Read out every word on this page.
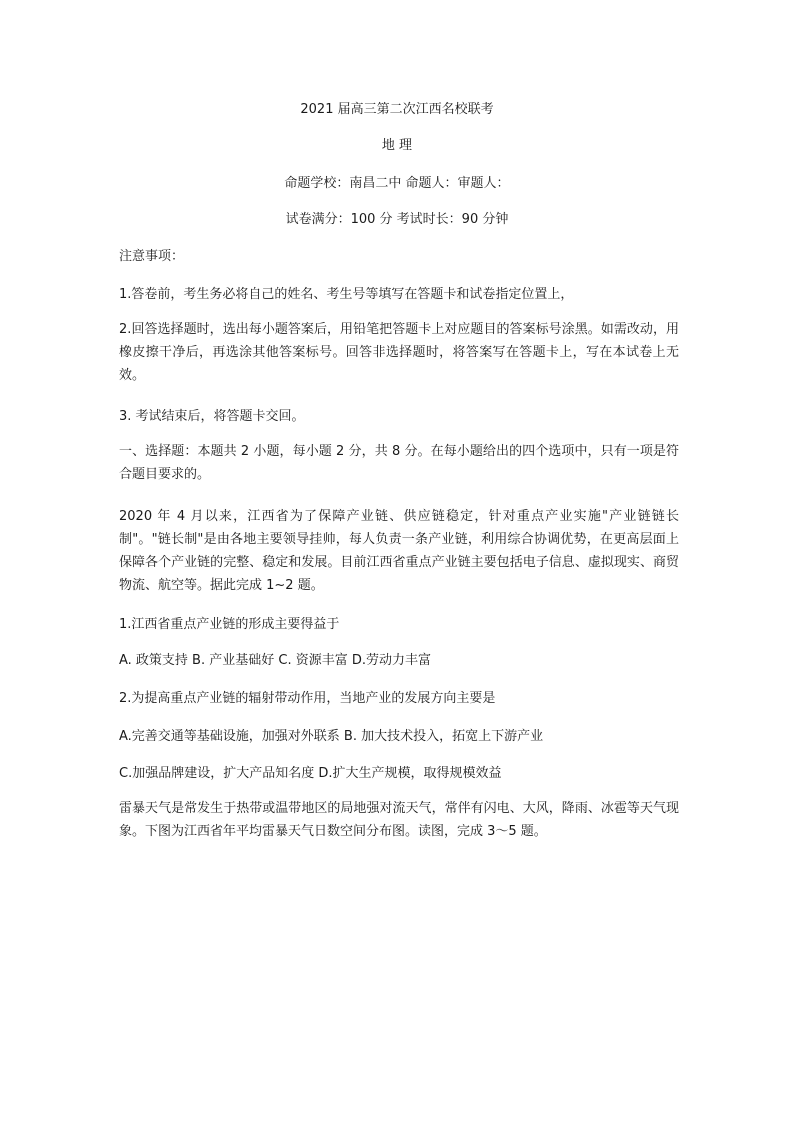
2021 届高三第二次江西名校联考
地 理
命题学校：南昌二中 命题人：审题人：
试卷满分：100 分 考试时长：90 分钟
注意事项：
1.答卷前，考生务必将自己的姓名、考生号等填写在答题卡和试卷指定位置上，
2.回答选择题时，选出每小题答案后，用铅笔把答题卡上对应题目的答案标号涂黑。如需改动，用橡皮擦干净后，再选涂其他答案标号。回答非选择题时，将答案写在答题卡上，写在本试卷上无效。
3. 考试结束后，将答题卡交回。
一、选择题：本题共 2 小题，每小题 2 分，共 8 分。在每小题给出的四个选项中，只有一项是符合题目要求的。
2020 年 4 月以来，江西省为了保障产业链、供应链稳定，针对重点产业实施"产业链链长制"。"链长制"是由各地主要领导挂帅，每人负责一条产业链，利用综合协调优势，在更高层面上保障各个产业链的完整、稳定和发展。目前江西省重点产业链主要包括电子信息、虚拟现实、商贸物流、航空等。据此完成 1~2 题。
1.江西省重点产业链的形成主要得益于
A. 政策支持 B. 产业基础好 C. 资源丰富 D.劳动力丰富
2.为提高重点产业链的辐射带动作用，当地产业的发展方向主要是
A.完善交通等基础设施，加强对外联系 B. 加大技术投入，拓宽上下游产业
C.加强品牌建设，扩大产品知名度 D.扩大生产规模，取得规模效益
雷暴天气是常发生于热带或温带地区的局地强对流天气，常伴有闪电、大风，降雨、冰雹等天气现象。下图为江西省年平均雷暴天气日数空间分布图。读图，完成 3～5 题。
